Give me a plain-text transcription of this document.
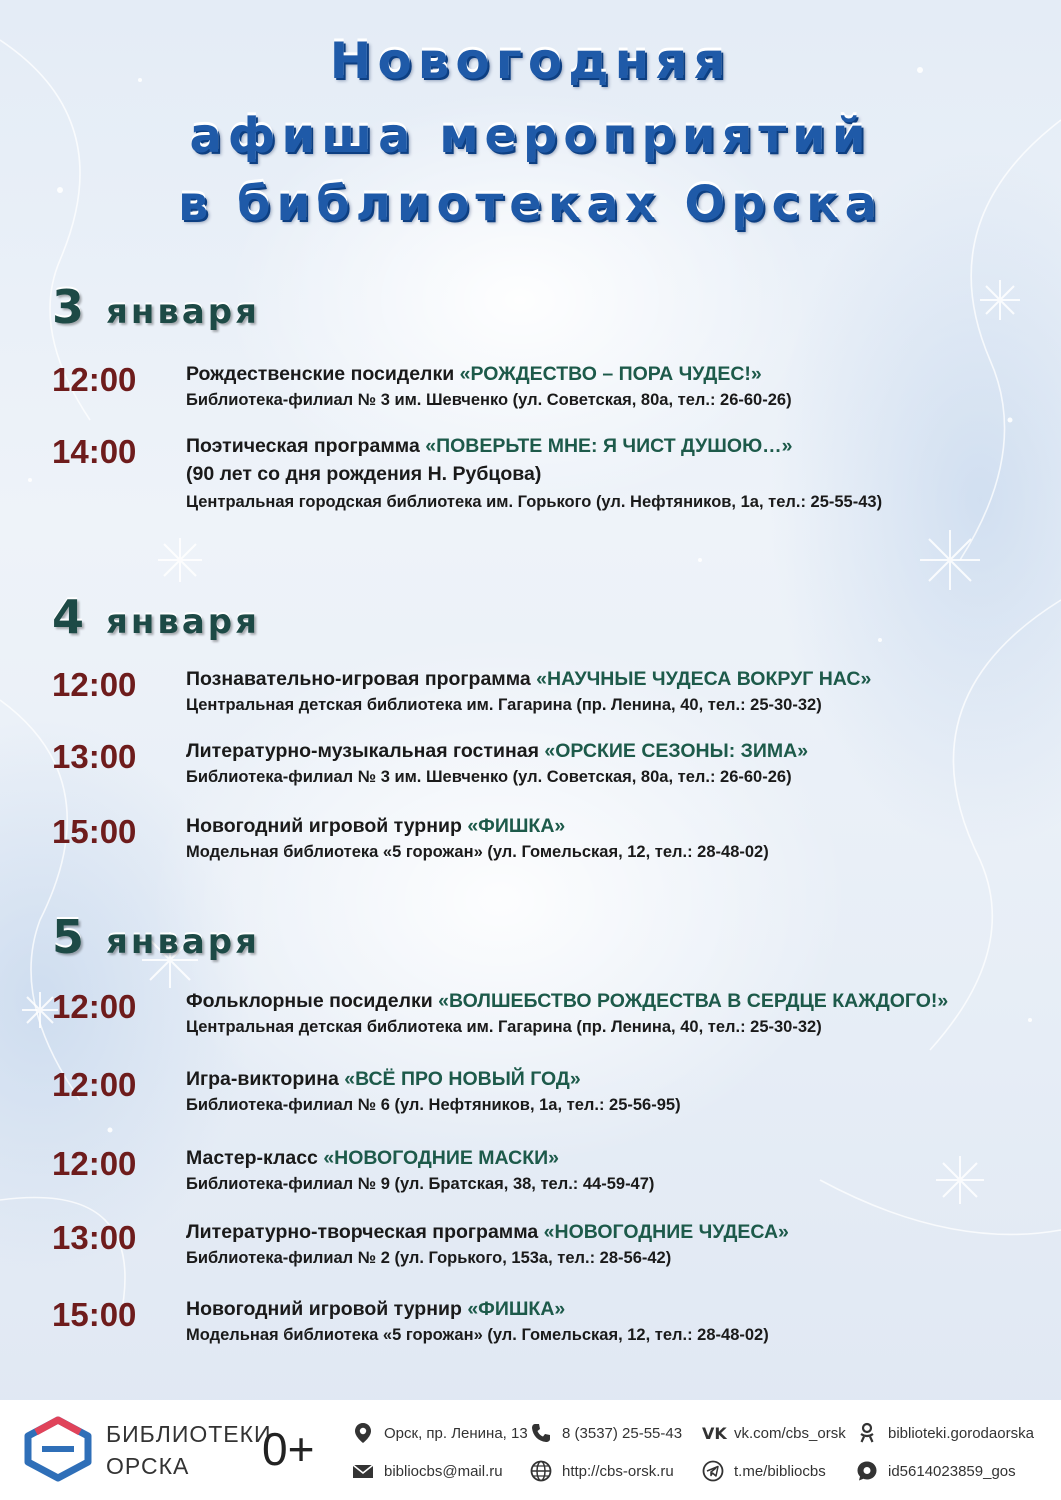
Новогодняя
афиша мероприятий
в библиотеках Орска
3 января
12:00	Рождественские посиделки «РОЖДЕСТВО – ПОРА ЧУДЕС!»
Библиотека-филиал № 3 им. Шевченко (ул. Советская, 80а, тел.: 26-60-26)
14:00	Поэтическая программа «ПОВЕРЬТЕ МНЕ: Я ЧИСТ ДУШОЮ…»
(90 лет со дня рождения Н. Рубцова)
Центральная городская библиотека им. Горького (ул. Нефтяников, 1а, тел.: 25-55-43)
4 января
12:00	Познавательно-игровая программа «НАУЧНЫЕ ЧУДЕСА ВОКРУГ НАС»
Центральная детская библиотека им. Гагарина (пр. Ленина, 40, тел.: 25-30-32)
13:00	Литературно-музыкальная гостиная «ОРСКИЕ СЕЗОНЫ: ЗИМА»
Библиотека-филиал № 3 им. Шевченко (ул. Советская, 80а, тел.: 26-60-26)
15:00	Новогодний игровой турнир «ФИШКА»
Модельная библиотека «5 горожан» (ул. Гомельская, 12, тел.: 28-48-02)
5 января
12:00	Фольклорные посиделки «ВОЛШЕБСТВО РОЖДЕСТВА В СЕРДЦЕ КАЖДОГО!»
Центральная детская библиотека им. Гагарина (пр. Ленина, 40, тел.: 25-30-32)
12:00	Игра-викторина «ВСЁ ПРО НОВЫЙ ГОД»
Библиотека-филиал № 6 (ул. Нефтяников, 1а, тел.: 25-56-95)
12:00	Мастер-класс «НОВОГОДНИЕ МАСКИ»
Библиотека-филиал № 9 (ул. Братская, 38, тел.: 44-59-47)
13:00	Литературно-творческая программа «НОВОГОДНИЕ ЧУДЕСА»
Библиотека-филиал № 2 (ул. Горького, 153а, тел.: 28-56-42)
15:00	Новогодний игровой турнир «ФИШКА»
Модельная библиотека «5 горожан» (ул. Гомельская, 12, тел.: 28-48-02)
БИБЛИОТЕКИ
ОРСКА	0+	Орск, пр. Ленина, 13
bibliocbs@mail.ru
8 (3537) 25-55-43
http://cbs-orsk.ru
VK vk.com/cbs_orsk
t.me/bibliocbs
biblioteki.gorodaorska
id5614023859_gos
